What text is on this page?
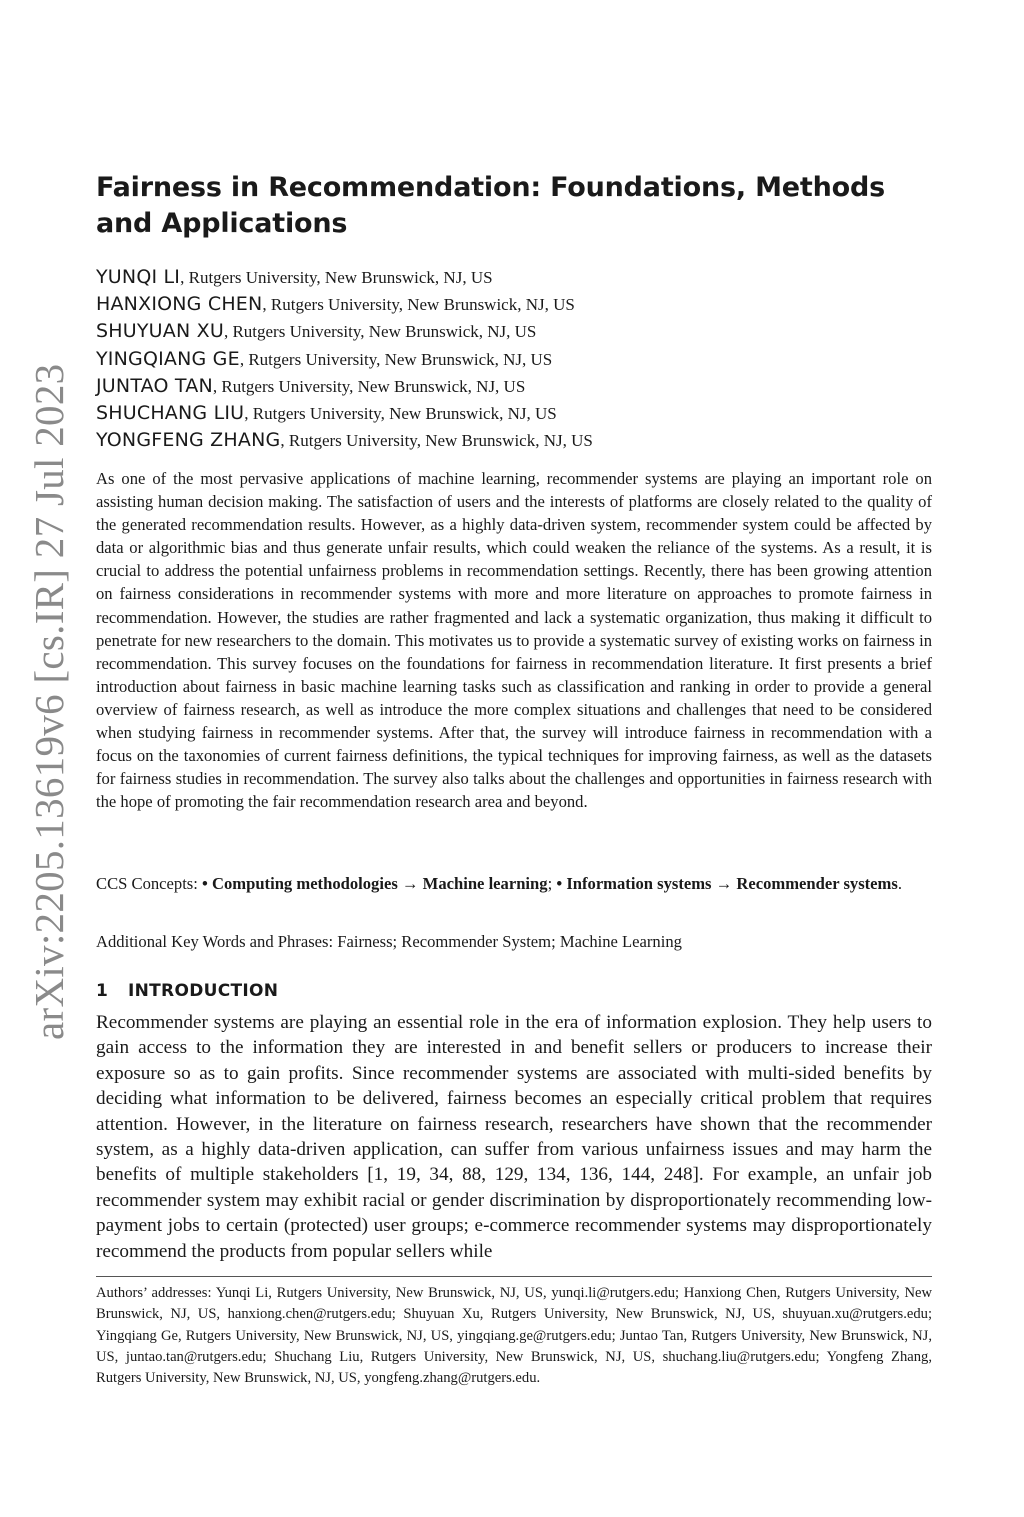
arXiv:2205.13619v6 [cs.IR] 27 Jul 2023
Fairness in Recommendation: Foundations, Methods and Applications
YUNQI LI, Rutgers University, New Brunswick, NJ, US
HANXIONG CHEN, Rutgers University, New Brunswick, NJ, US
SHUYUAN XU, Rutgers University, New Brunswick, NJ, US
YINGQIANG GE, Rutgers University, New Brunswick, NJ, US
JUNTAO TAN, Rutgers University, New Brunswick, NJ, US
SHUCHANG LIU, Rutgers University, New Brunswick, NJ, US
YONGFENG ZHANG, Rutgers University, New Brunswick, NJ, US

As one of the most pervasive applications of machine learning, recommender systems are playing an important role on assisting human decision making. The satisfaction of users and the interests of platforms are closely related to the quality of the generated recommendation results. However, as a highly data-driven system, recommender system could be affected by data or algorithmic bias and thus generate unfair results, which could weaken the reliance of the systems. As a result, it is crucial to address the potential unfairness problems in recommendation settings. Recently, there has been growing attention on fairness considerations in recommender systems with more and more literature on approaches to promote fairness in recommendation. However, the studies are rather fragmented and lack a systematic organization, thus making it difficult to penetrate for new researchers to the domain. This motivates us to provide a systematic survey of existing works on fairness in recommendation. This survey focuses on the foundations for fairness in recommendation literature. It first presents a brief introduction about fairness in basic machine learning tasks such as classification and ranking in order to provide a general overview of fairness research, as well as introduce the more complex situations and challenges that need to be considered when studying fairness in recommender systems. After that, the survey will introduce fairness in recommendation with a focus on the taxonomies of current fairness definitions, the typical techniques for improving fairness, as well as the datasets for fairness studies in recommendation. The survey also talks about the challenges and opportunities in fairness research with the hope of promoting the fair recommendation research area and beyond.

CCS Concepts: • Computing methodologies → Machine learning; • Information systems → Recommender systems.

Additional Key Words and Phrases: Fairness; Recommender System; Machine Learning

1 INTRODUCTION

Recommender systems are playing an essential role in the era of information explosion. They help users to gain access to the information they are interested in and benefit sellers or producers to increase their exposure so as to gain profits. Since recommender systems are associated with multi-sided benefits by deciding what information to be delivered, fairness becomes an especially critical problem that requires attention. However, in the literature on fairness research, researchers have shown that the recommender system, as a highly data-driven application, can suffer from various unfairness issues and may harm the benefits of multiple stakeholders [1, 19, 34, 88, 129, 134, 136, 144, 248]. For example, an unfair job recommender system may exhibit racial or gender discrimination by disproportionately recommending low-payment jobs to certain (protected) user groups; e-commerce recommender systems may disproportionately recommend the products from popular sellers while

Authors’ addresses: Yunqi Li, Rutgers University, New Brunswick, NJ, US, yunqi.li@rutgers.edu; Hanxiong Chen, Rutgers University, New Brunswick, NJ, US, hanxiong.chen@rutgers.edu; Shuyuan Xu, Rutgers University, New Brunswick, NJ, US, shuyuan.xu@rutgers.edu; Yingqiang Ge, Rutgers University, New Brunswick, NJ, US, yingqiang.ge@rutgers.edu; Juntao Tan, Rutgers University, New Brunswick, NJ, US, juntao.tan@rutgers.edu; Shuchang Liu, Rutgers University, New Brunswick, NJ, US, shuchang.liu@rutgers.edu; Yongfeng Zhang, Rutgers University, New Brunswick, NJ, US, yongfeng.zhang@rutgers.edu.
